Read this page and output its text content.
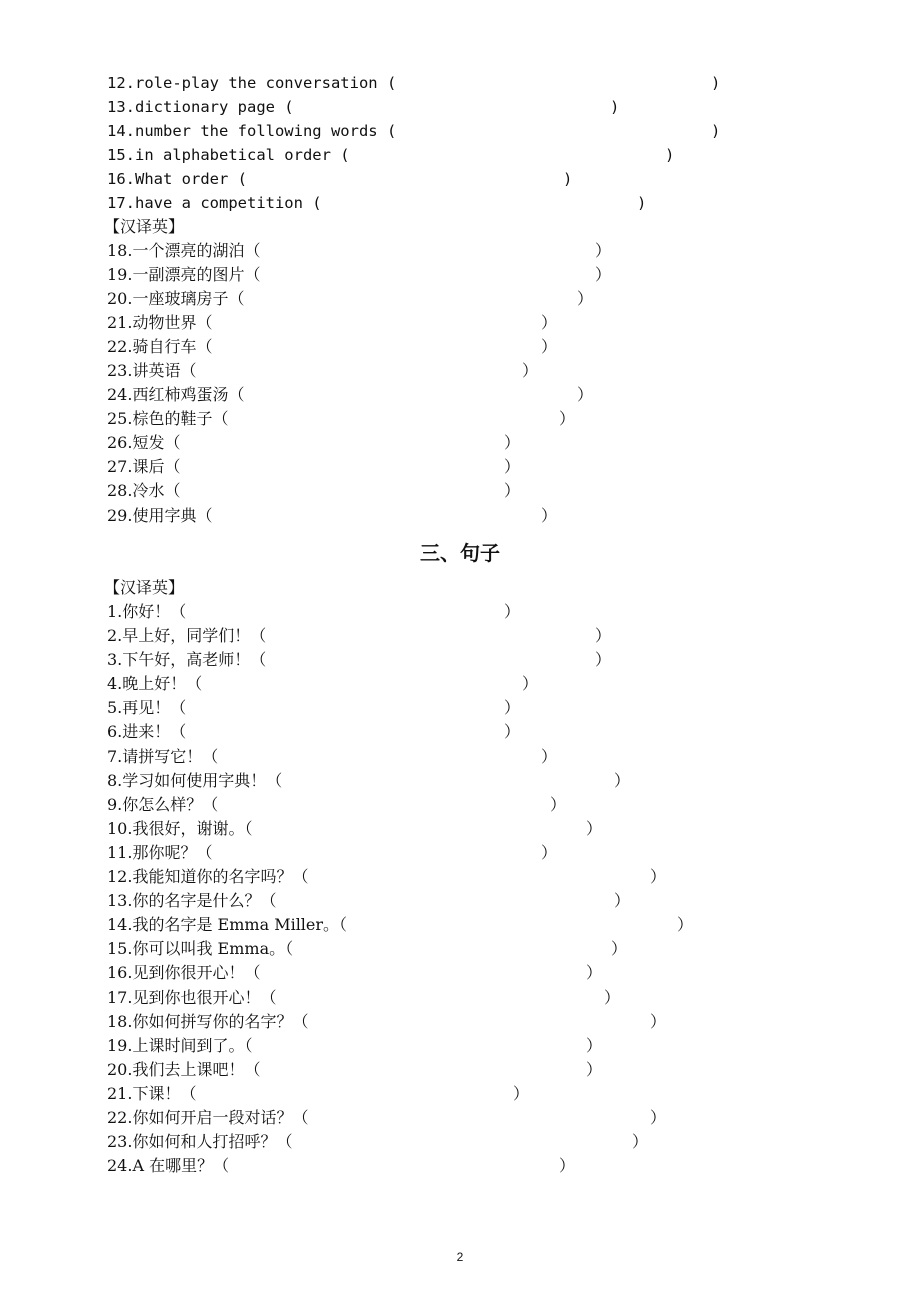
12.role-play the conversation (	)
13.dictionary page (	)
14.number the following words (	)
15.in alphabetical order (	)
16.What order (	)
17.have a competition (	)
【汉译英】
18.一个漂亮的湖泊（	）
19.一副漂亮的图片（	）
20.一座玻璃房子（	）
21.动物世界（	）
22.骑自行车（	）
23.讲英语（	）
24.西红柿鸡蛋汤（	）
25.棕色的鞋子（	）
26.短发（	）
27.课后（	）
28.冷水（	）
29.使用字典（	）
三、句子
【汉译英】
1.你好！（	）
2.早上好，同学们！（	）
3.下午好，高老师！（	）
4.晚上好！（	）
5.再见！（	）
6.进来！（	）
7.请拼写它！（	）
8.学习如何使用字典！（	）
9.你怎么样？（	）
10.我很好，谢谢。（	）
11.那你呢？（	）
12.我能知道你的名字吗？（	）
13.你的名字是什么？（	）
14.我的名字是 Emma Miller。（	）
15.你可以叫我 Emma。（	）
16.见到你很开心！（	）
17.见到你也很开心！（	）
18.你如何拼写你的名字？（	）
19.上课时间到了。（	）
20.我们去上课吧！（	）
21.下课！（	）
22.你如何开启一段对话？（	）
23.你如何和人打招呼？（	）
24.A 在哪里？（	）
2
